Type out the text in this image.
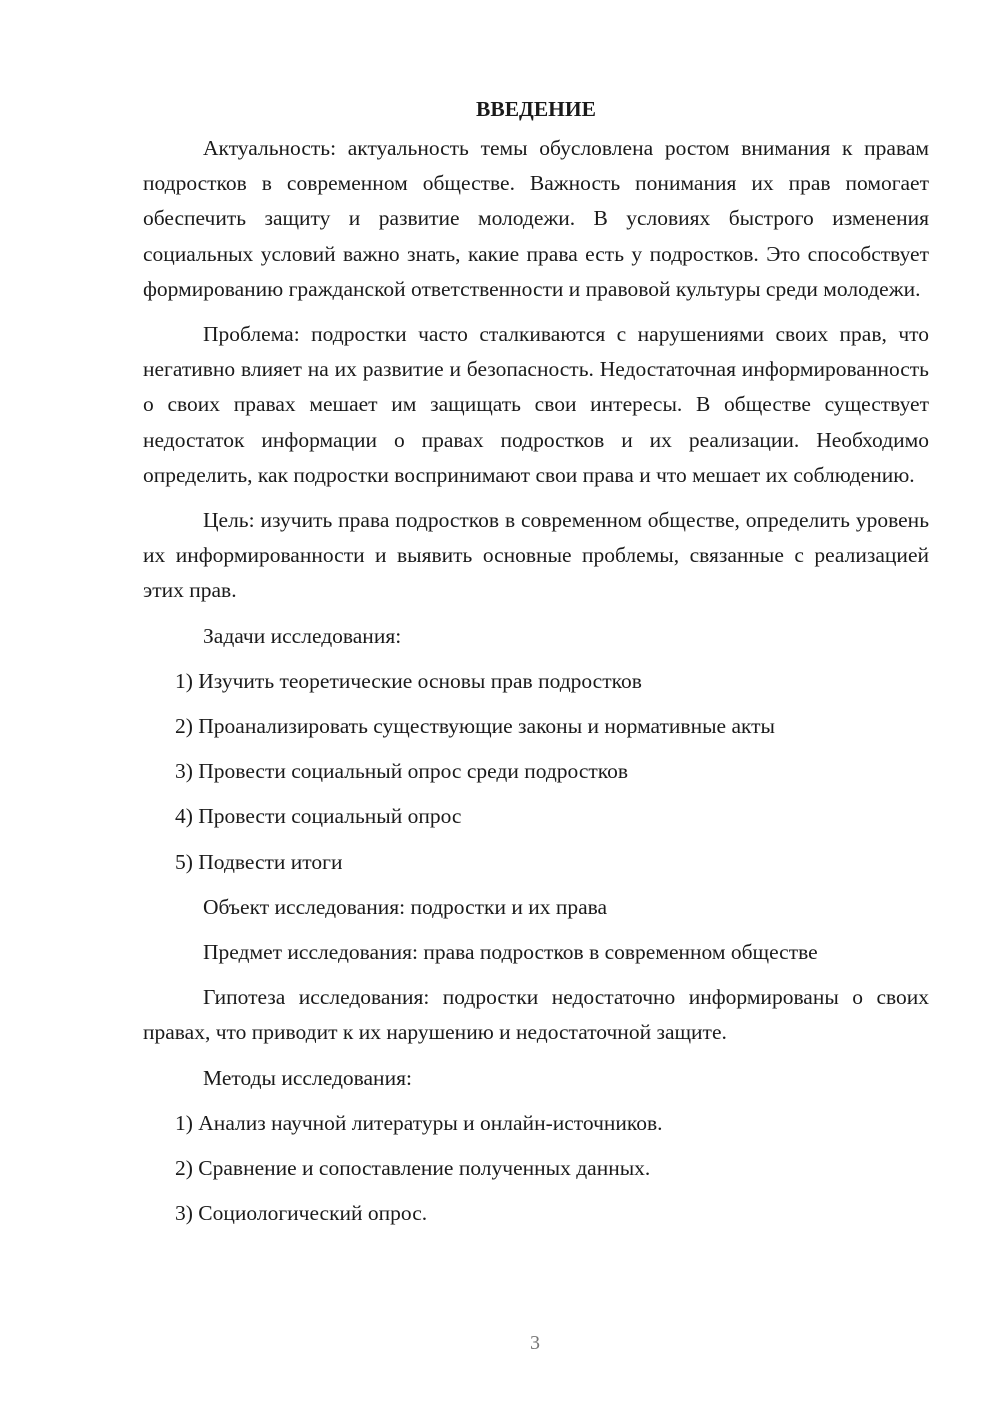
ВВЕДЕНИЕ

Актуальность: актуальность темы обусловлена ростом внимания к правам подростков в современном обществе. Важность понимания их прав помогает обеспечить защиту и развитие молодежи. В условиях быстрого изменения социальных условий важно знать, какие права есть у подростков. Это способствует формированию гражданской ответственности и правовой культуры среди молодежи.

Проблема: подростки часто сталкиваются с нарушениями своих прав, что негативно влияет на их развитие и безопасность. Недостаточная информированность о своих правах мешает им защищать свои интересы. В обществе существует недостаток информации о правах подростков и их реализации. Необходимо определить, как подростки воспринимают свои права и что мешает их соблюдению.

Цель: изучить права подростков в современном обществе, определить уровень их информированности и выявить основные проблемы, связанные с реализацией этих прав.

Задачи исследования:
1) Изучить теоретические основы прав подростков
2) Проанализировать существующие законы и нормативные акты
3) Провести социальный опрос среди подростков
4) Провести социальный опрос
5) Подвести итоги
Объект исследования: подростки и их права
Предмет исследования: права подростков в современном обществе

Гипотеза исследования: подростки недостаточно информированы о своих правах, что приводит к их нарушению и недостаточной защите.

Методы исследования:
1) Анализ научной литературы и онлайн-источников.
2) Сравнение и сопоставление полученных данных.
3) Социологический опрос.
3
